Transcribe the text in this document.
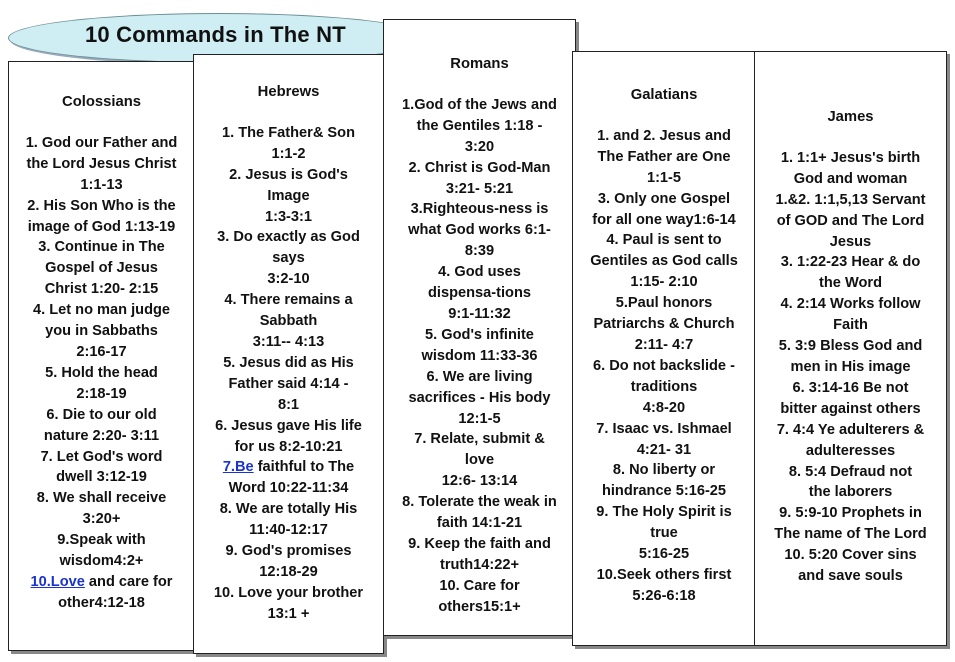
Colossians

1. God our Father and
the Lord Jesus Christ
1:1-13
2. His Son Who is the
image of God 1:13-19
3. Continue in The
Gospel of Jesus
Christ 1:20- 2:15
4. Let no man judge
you in Sabbaths
2:16-17
5. Hold the head
2:18-19
6. Die to our old
nature 2:20- 3:11
7. Let God's word
dwell 3:12-19
8. We shall receive
3:20+
9.Speak with
wisdom4:2+
10.Love and care for
other4:12-18
Hebrews

1. The Father& Son
1:1-2
2. Jesus is God's
Image
1:3-3:1
3. Do exactly as God
says
3:2-10
4. There remains a
Sabbath
3:11-- 4:13
5. Jesus did as His
Father said 4:14 -
8:1
6. Jesus gave His life
for us 8:2-10:21
7.Be faithful to The
Word 10:22-11:34
8. We are totally His
11:40-12:17
9. God's promises
12:18-29
10. Love your brother
13:1 +
Romans

1.God of the Jews and
the Gentiles 1:18 -
3:20
2. Christ is God-Man
3:21- 5:21
3.Righteous-ness is
what God works 6:1-
8:39
4. God uses
dispensa-tions
9:1-11:32
5. God's infinite
wisdom 11:33-36
6. We are living
sacrifices - His body
12:1-5
7. Relate, submit &
love
12:6- 13:14
8. Tolerate the weak in
faith 14:1-21
9. Keep the faith and
truth14:22+
10. Care for
others15:1+
Galatians

1. and 2. Jesus and
The Father are One
1:1-5
3. Only one Gospel
for all one way1:6-14
4. Paul is sent to
Gentiles as God calls
1:15- 2:10
5.Paul honors
Patriarchs & Church
2:11- 4:7
6. Do not backslide -
traditions
4:8-20
7. Isaac vs. Ishmael
4:21- 31
8. No liberty or
hindrance 5:16-25
9. The Holy Spirit is
true
5:16-25
10.Seek others first
5:26-6:18
James

1. 1:1+ Jesus's birth
God and woman
1.&2. 1:1,5,13 Servant
of GOD and The Lord
Jesus
3. 1:22-23 Hear & do
the Word
4. 2:14 Works follow
Faith
5. 3:9 Bless God and
men in His image
6. 3:14-16 Be not
bitter against others
7. 4:4 Ye adulterers &
adulteresses
8. 5:4 Defraud not
the laborers
9. 5:9-10 Prophets in
The name of The Lord
10. 5:20 Cover sins
and save souls
10 Commands in The NT
